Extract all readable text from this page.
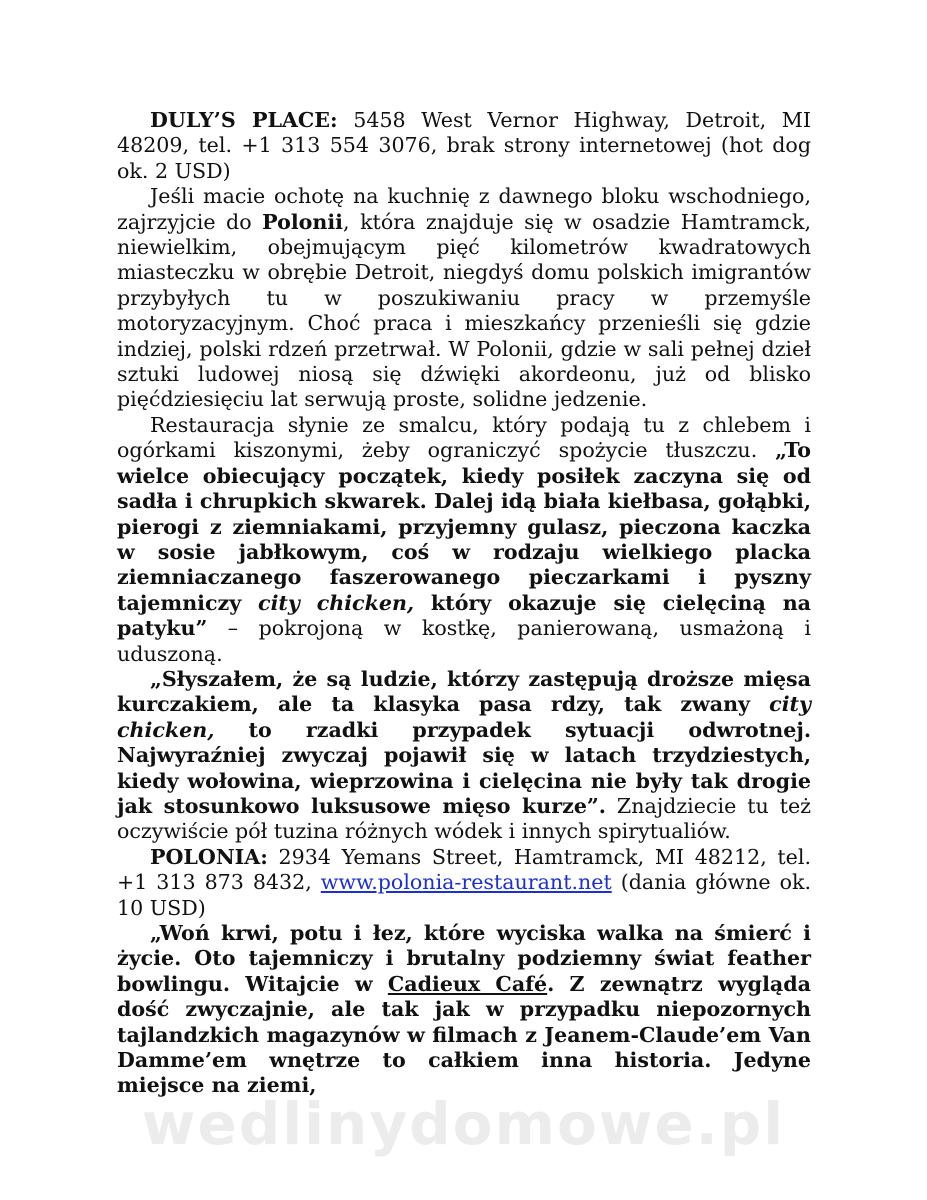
DULY’S PLACE: 5458 West Vernor Highway, Detroit, MI 48209, tel. +1 313 554 3076, brak strony internetowej (hot dog ok. 2 USD)

Jeśli macie ochotę na kuchnię z dawnego bloku wschodniego, zajrzyjcie do Polonii, która znajduje się w osadzie Hamtramck, niewielkim, obejmującym pięć kilometrów kwadratowych miasteczku w obrębie Detroit, niegdyś domu polskich imigrantów przybyłych tu w poszukiwaniu pracy w przemyśle motoryzacyjnym. Choć praca i mieszkańcy przenieśli się gdzie indziej, polski rdzeń przetrwał. W Polonii, gdzie w sali pełnej dzieł sztuki ludowej niosą się dźwięki akordeonu, już od blisko pięćdziesięciu lat serwują proste, solidne jedzenie.

Restauracja słynie ze smalcu, który podają tu z chlebem i ogórkami kiszonymi, żeby ograniczyć spożycie tłuszczu. „To wielce obiecujący początek, kiedy posiłek zaczyna się od sadła i chrupkich skwarek. Dalej idą biała kiełbasa, gołąbki, pierogi z ziemniakami, przyjemny gulasz, pieczona kaczka w sosie jabłkowym, coś w rodzaju wielkiego placka ziemniaczanego faszerowanego pieczarkami i pyszny tajemniczy city chicken, który okazuje się cielęciną na patyku” – pokrojoną w kostkę, panierowaną, usmażoną i uduszoną.

„Słyszałem, że są ludzie, którzy zastępują droższe mięsa kurczakiem, ale ta klasyka pasa rdzy, tak zwany city chicken, to rzadki przypadek sytuacji odwrotnej. Najwyraźniej zwyczaj pojawił się w latach trzydziestych, kiedy wołowina, wieprzowina i cielęcina nie były tak drogie jak stosunkowo luksusowe mięso kurze”. Znajdziecie tu też oczywiście pół tuzina różnych wódek i innych spirytualiów.

POLONIA: 2934 Yemans Street, Hamtramck, MI 48212, tel. +1 313 873 8432, www.polonia-restaurant.net (dania główne ok. 10 USD)

„Woń krwi, potu i łez, które wyciska walka na śmierć i życie. Oto tajemniczy i brutalny podziemny świat feather bowlingu. Witajcie w Cadieux Café. Z zewnątrz wygląda dość zwyczajnie, ale tak jak w przypadku niepozornych tajlandzkich magazynów w filmach z Jeanem-Claude’em Van Damme’em wnętrze to całkiem inna historia. Jedyne miejsce na ziemi,

wedlinydomowe.pl
